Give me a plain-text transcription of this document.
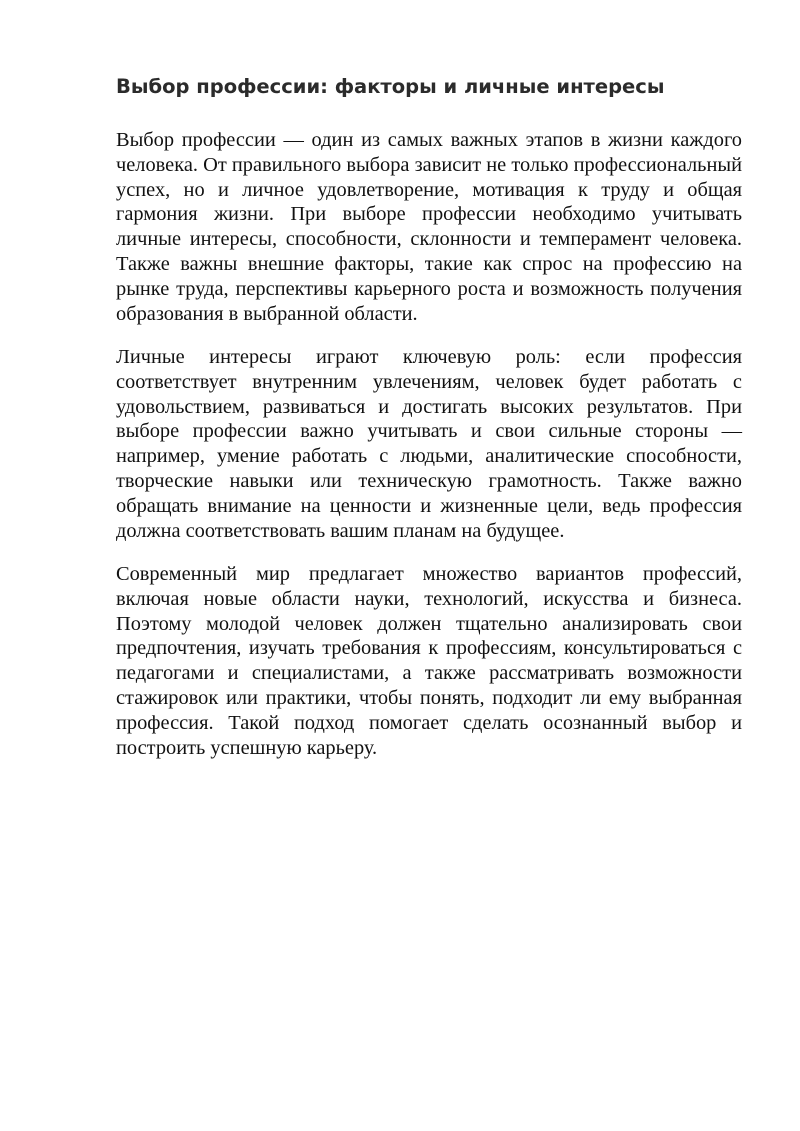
Выбор профессии: факторы и личные интересы

Выбор профессии — один из самых важных этапов в жизни каждого человека. От правильного выбора зависит не только профессиональный успех, но и личное удовлетворение, мотивация к труду и общая гармония жизни. При выборе профессии необходимо учитывать личные интересы, способности, склонности и темперамент человека. Также важны внешние факторы, такие как спрос на профессию на рынке труда, перспективы карьерного роста и возможность получения образования в выбранной области.

Личные интересы играют ключевую роль: если профессия соответствует внутренним увлечениям, человек будет работать с удовольствием, развиваться и достигать высоких результатов. При выборе профессии важно учитывать и свои сильные стороны — например, умение работать с людьми, аналитические способности, творческие навыки или техническую грамотность. Также важно обращать внимание на ценности и жизненные цели, ведь профессия должна соответствовать вашим планам на будущее.

Современный мир предлагает множество вариантов профессий, включая новые области науки, технологий, искусства и бизнеса. Поэтому молодой человек должен тщательно анализировать свои предпочтения, изучать требования к профессиям, консультироваться с педагогами и специалистами, а также рассматривать возможности стажировок или практики, чтобы понять, подходит ли ему выбранная профессия. Такой подход помогает сделать осознанный выбор и построить успешную карьеру.
